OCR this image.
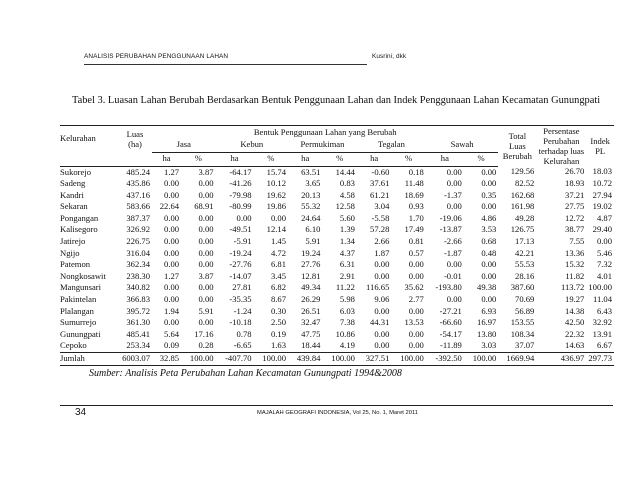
ANALISIS PERUBAHAN PENGGUNAAN LAHAN	Kusrini, dkk
Tabel 3. Luasan Lahan Berubah Berdasarkan Bentuk Penggunaan Lahan dan Indek Penggunaan Lahan Kecamatan Gunungpati
Kelurahan	Luas (ha)	Bentuk Penggunaan Lahan yang Berubah										Total Luas Berubah	Persentase Perubahan terhadap luas Kelurahan	Indek PL
		Jasa		Kebun		Permukiman		Tegalan		Sawah				
		ha	%	ha	%	ha	%	ha	%	ha	%			
Sukorejo	485.24	1.27	3.87	-64.17	15.74	63.51	14.44	-0.60	0.18	0.00	0.00	129.56	26.70	18.03
Sadeng	435.86	0.00	0.00	-41.26	10.12	3.65	0.83	37.61	11.48	0.00	0.00	82.52	18.93	10.72
Kandri	437.16	0.00	0.00	-79.98	19.62	20.13	4.58	61.21	18.69	-1.37	0.35	162.68	37.21	27.94
Sekaran	583.66	22.64	68.91	-80.99	19.86	55.32	12.58	3.04	0.93	0.00	0.00	161.98	27.75	19.02
Pongangan	387.37	0.00	0.00	0.00	0.00	24.64	5.60	-5.58	1.70	-19.06	4.86	49.28	12.72	4.87
Kalisegoro	326.92	0.00	0.00	-49.51	12.14	6.10	1.39	57.28	17.49	-13.87	3.53	126.75	38.77	29.40
Jatirejo	226.75	0.00	0.00	-5.91	1.45	5.91	1.34	2.66	0.81	-2.66	0.68	17.13	7.55	0.00
Ngijo	316.04	0.00	0.00	-19.24	4.72	19.24	4.37	1.87	0.57	-1.87	0.48	42.21	13.36	5.46
Patemon	362.34	0.00	0.00	-27.76	6.81	27.76	6.31	0.00	0.00	0.00	0.00	55.53	15.32	7.32
Nongkosawit	238.30	1.27	3.87	-14.07	3.45	12.81	2.91	0.00	0.00	-0.01	0.00	28.16	11.82	4.01
Mangunsari	340.82	0.00	0.00	27.81	6.82	49.34	11.22	116.65	35.62	-193.80	49.38	387.60	113.72	100.00
Pakintelan	366.83	0.00	0.00	-35.35	8.67	26.29	5.98	9.06	2.77	0.00	0.00	70.69	19.27	11.04
Plalangan	395.72	1.94	5.91	-1.24	0.30	26.51	6.03	0.00	0.00	-27.21	6.93	56.89	14.38	6.43
Sumurrejo	361.30	0.00	0.00	-10.18	2.50	32.47	7.38	44.31	13.53	-66.60	16.97	153.55	42.50	32.92
Gunungpati	485.41	5.64	17.16	0.78	0.19	47.75	10.86	0.00	0.00	-54.17	13.80	108.34	22.32	13.91
Cepoko	253.34	0.09	0.28	-6.65	1.63	18.44	4.19	0.00	0.00	-11.89	3.03	37.07	14.63	6.67
Jumlah	6003.07	32.85	100.00	-407.70	100.00	439.84	100.00	327.51	100.00	-392.50	100.00	1669.94	436.97	297.73
Sumber: Analisis Peta Perubahan Lahan Kecamatan Gunungpati 1994&2008
34	MAJALAH GEOGRAFI INDONESIA, Vol 25, No. 1, Maret 2011
